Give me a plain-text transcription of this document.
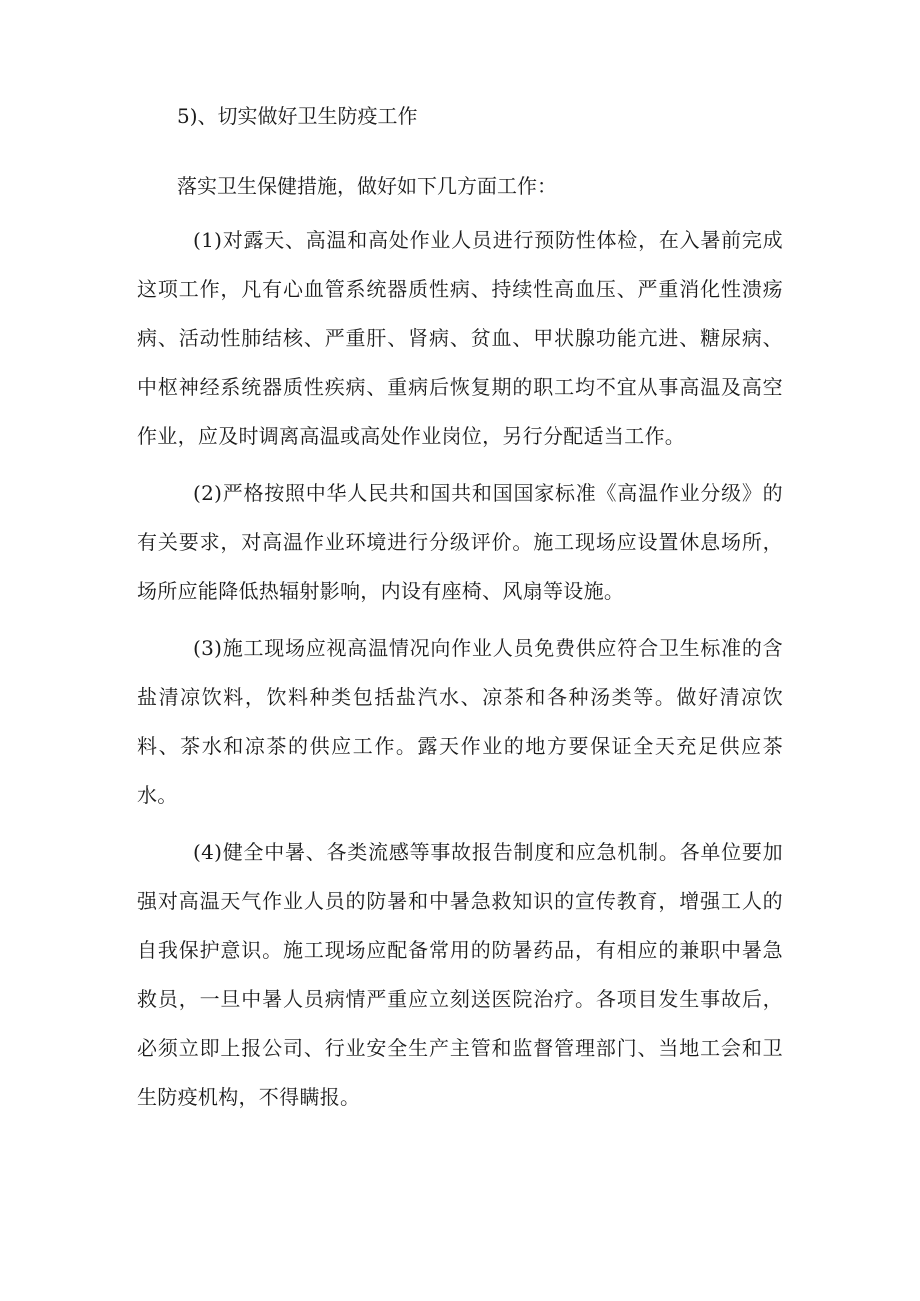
5)、切实做好卫生防疫工作

落实卫生保健措施，做好如下几方面工作：

(1)对露天、高温和高处作业人员进行预防性体检，在入暑前完成这项工作，凡有心血管系统器质性病、持续性高血压、严重消化性溃疡病、活动性肺结核、严重肝、肾病、贫血、甲状腺功能亢进、糖尿病、中枢神经系统器质性疾病、重病后恢复期的职工均不宜从事高温及高空作业，应及时调离高温或高处作业岗位，另行分配适当工作。

(2)严格按照中华人民共和国共和国国家标准《高温作业分级》的有关要求，对高温作业环境进行分级评价。施工现场应设置休息场所，场所应能降低热辐射影响，内设有座椅、风扇等设施。

(3)施工现场应视高温情况向作业人员免费供应符合卫生标准的含盐清凉饮料，饮料种类包括盐汽水、凉茶和各种汤类等。做好清凉饮料、茶水和凉茶的供应工作。露天作业的地方要保证全天充足供应茶水。

(4)健全中暑、各类流感等事故报告制度和应急机制。各单位要加强对高温天气作业人员的防暑和中暑急救知识的宣传教育，增强工人的自我保护意识。施工现场应配备常用的防暑药品，有相应的兼职中暑急救员，一旦中暑人员病情严重应立刻送医院治疗。各项目发生事故后，必须立即上报公司、行业安全生产主管和监督管理部门、当地工会和卫生防疫机构，不得瞒报。
